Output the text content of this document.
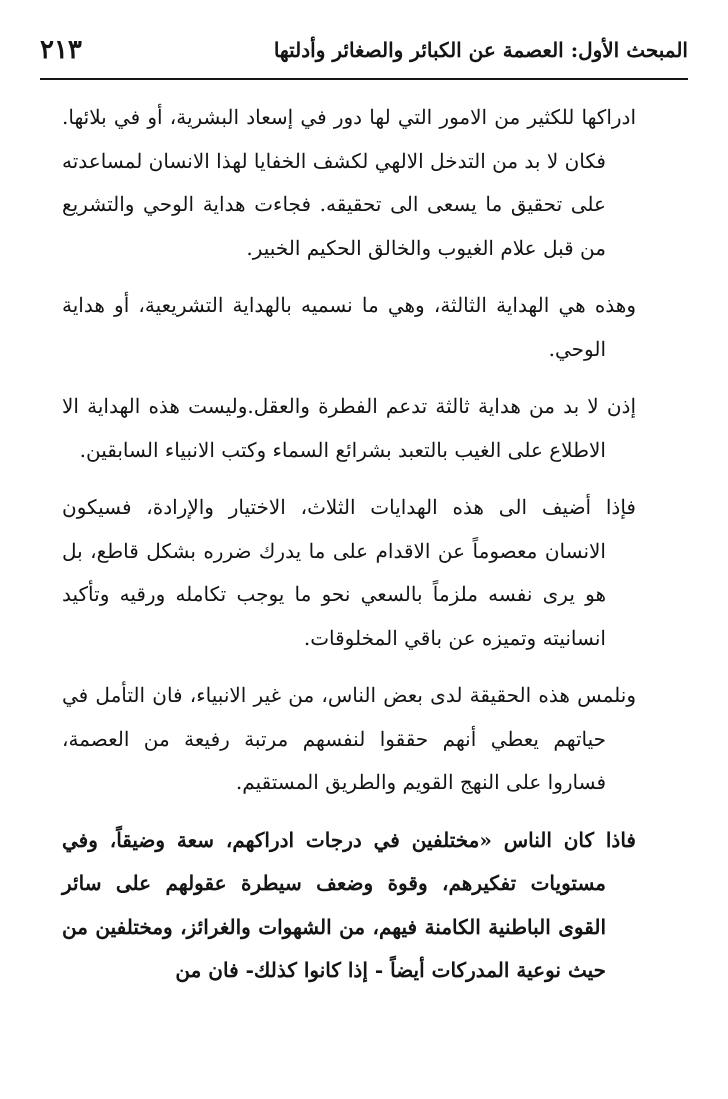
المبحث الأول: العصمة عن الكبائر والصغائر وأدلتها
٢١٣

ادراكها للكثير من الامور التي لها دور في إسعاد البشرية، أو في بلائها. فكان لا بد من التدخل الالهي لكشف الخفايا لهذا الانسان لمساعدته على تحقيق ما يسعى الى تحقيقه. فجاءت هداية الوحي والتشريع من قبل علام الغيوب والخالق الحكيم الخبير.

وهذه هي الهداية الثالثة، وهي ما نسميه بالهداية التشريعية، أو هداية الوحي.

إذن لا بد من هداية ثالثة تدعم الفطرة والعقل.وليست هذه الهداية الا الاطلاع على الغيب بالتعبد بشرائع السماء وكتب الانبياء السابقين.

فإذا أضيف الى هذه الهدايات الثلاث، الاختيار والإرادة، فسيكون الانسان معصوماً عن الاقدام على ما يدرك ضرره بشكل قاطع، بل هو يرى نفسه ملزماً بالسعي نحو ما يوجب تكامله ورقيه وتأكيد انسانيته وتميزه عن باقي المخلوقات.

ونلمس هذه الحقيقة لدى بعض الناس، من غير الانبياء، فان التأمل في حياتهم يعطي أنهم حققوا لنفسهم مرتبة رفيعة من العصمة، فساروا على النهج القويم والطريق المستقيم.

فاذا كان الناس «مختلفين في درجات ادراكهم، سعة وضيقاً، وفي مستويات تفكيرهم، وقوة وضعف سيطرة عقولهم على سائر القوى الباطنية الكامنة فيهم، من الشهوات والغرائز، ومختلفين من حيث نوعية المدركات أيضاً - إذا كانوا كذلك- فان من
